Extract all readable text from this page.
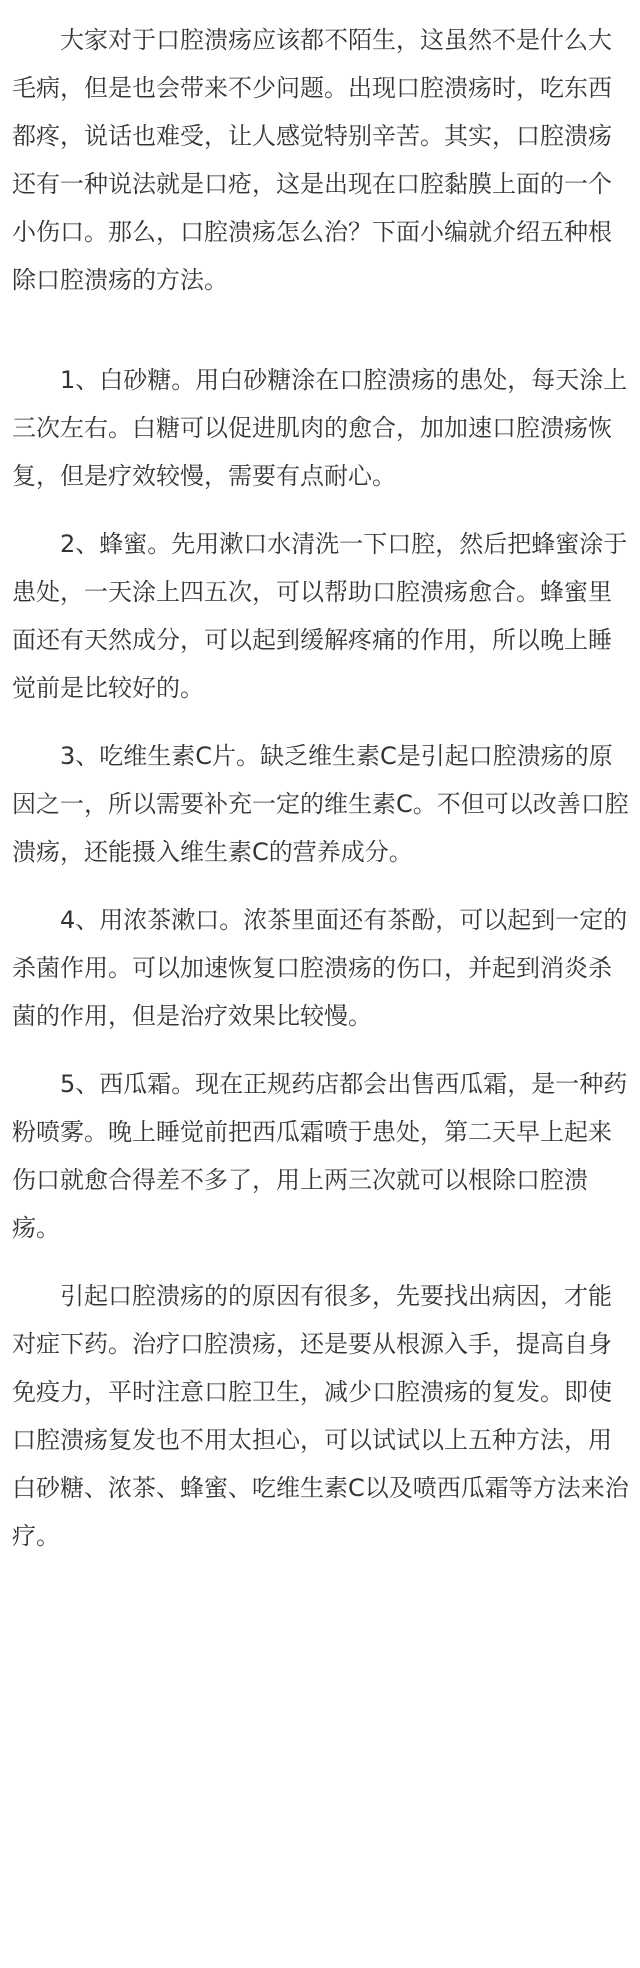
大家对于口腔溃疡应该都不陌生，这虽然不是什么大毛病，但是也会带来不少问题。出现口腔溃疡时，吃东西都疼，说话也难受，让人感觉特别辛苦。其实，口腔溃疡还有一种说法就是口疮，这是出现在口腔黏膜上面的一个小伤口。那么，口腔溃疡怎么治？下面小编就介绍五种根除口腔溃疡的方法。

1、白砂糖。用白砂糖涂在口腔溃疡的患处，每天涂上三次左右。白糖可以促进肌肉的愈合，加加速口腔溃疡恢复，但是疗效较慢，需要有点耐心。

2、蜂蜜。先用漱口水清洗一下口腔，然后把蜂蜜涂于患处，一天涂上四五次，可以帮助口腔溃疡愈合。蜂蜜里面还有天然成分，可以起到缓解疼痛的作用，所以晚上睡觉前是比较好的。

3、吃维生素C片。缺乏维生素C是引起口腔溃疡的原因之一，所以需要补充一定的维生素C。不但可以改善口腔溃疡，还能摄入维生素C的营养成分。

4、用浓茶漱口。浓茶里面还有茶酚，可以起到一定的杀菌作用。可以加速恢复口腔溃疡的伤口，并起到消炎杀菌的作用，但是治疗效果比较慢。

5、西瓜霜。现在正规药店都会出售西瓜霜，是一种药粉喷雾。晚上睡觉前把西瓜霜喷于患处，第二天早上起来伤口就愈合得差不多了，用上两三次就可以根除口腔溃疡。

引起口腔溃疡的的原因有很多，先要找出病因，才能对症下药。治疗口腔溃疡，还是要从根源入手，提高自身免疫力，平时注意口腔卫生，减少口腔溃疡的复发。即使口腔溃疡复发也不用太担心，可以试试以上五种方法，用白砂糖、浓茶、蜂蜜、吃维生素C以及喷西瓜霜等方法来治疗。
